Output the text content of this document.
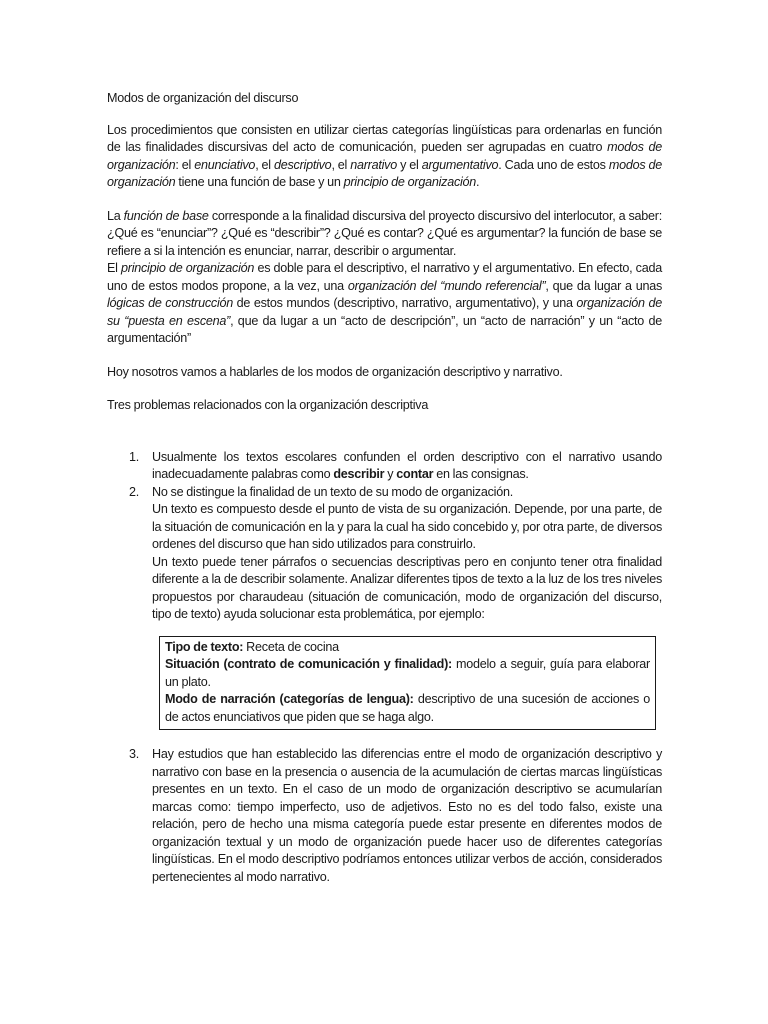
Modos de organización del discurso

Los procedimientos que consisten en utilizar ciertas categorías lingüísticas para ordenarlas en función de las finalidades discursivas del acto de comunicación, pueden ser agrupadas en cuatro modos de organización: el enunciativo, el descriptivo, el narrativo y el argumentativo. Cada uno de estos modos de organización tiene una función de base y un principio de organización.

La función de base corresponde a la finalidad discursiva del proyecto discursivo del interlocutor, a saber: ¿Qué es “enunciar”? ¿Qué es “describir”? ¿Qué es contar? ¿Qué es argumentar? la función de base se refiere a si la intención es enunciar, narrar, describir o argumentar.

El principio de organización es doble para el descriptivo, el narrativo y el argumentativo. En efecto, cada uno de estos modos propone, a la vez, una organización del “mundo referencial”, que da lugar a unas lógicas de construcción de estos mundos (descriptivo, narrativo, argumentativo), y una organización de su “puesta en escena”, que da lugar a un “acto de descripción”, un “acto de narración” y un “acto de argumentación”

Hoy nosotros vamos a hablarles de los modos de organización descriptivo y narrativo.

Tres problemas relacionados con la organización descriptiva

1. Usualmente los textos escolares confunden el orden descriptivo con el narrativo usando inadecuadamente palabras como describir y contar en las consignas.
2. No se distingue la finalidad de un texto de su modo de organización.

Un texto es compuesto desde el punto de vista de su organización. Depende, por una parte, de la situación de comunicación en la y para la cual ha sido concebido y, por otra parte, de diversos ordenes del discurso que han sido utilizados para construirlo.

Un texto puede tener párrafos o secuencias descriptivas pero en conjunto tener otra finalidad diferente a la de describir solamente. Analizar diferentes tipos de texto a la luz de los tres niveles propuestos por charaudeau (situación de comunicación, modo de organización del discurso, tipo de texto) ayuda solucionar esta problemática, por ejemplo:

Tipo de texto: Receta de cocina

Situación (contrato de comunicación y finalidad): modelo a seguir, guía para elaborar un plato.

Modo de narración (categorías de lengua): descriptivo de una sucesión de acciones o de actos enunciativos que piden que se haga algo.

3. Hay estudios que han establecido las diferencias entre el modo de organización descriptivo y narrativo con base en la presencia o ausencia de la acumulación de ciertas marcas lingüísticas presentes en un texto. En el caso de un modo de organización descriptivo se acumularían marcas como: tiempo imperfecto, uso de adjetivos. Esto no es del todo falso, existe una relación, pero de hecho una misma categoría puede estar presente en diferentes modos de organización textual y un modo de organización puede hacer uso de diferentes categorías lingüísticas. En el modo descriptivo podríamos entonces utilizar verbos de acción, considerados pertenecientes al modo narrativo.
